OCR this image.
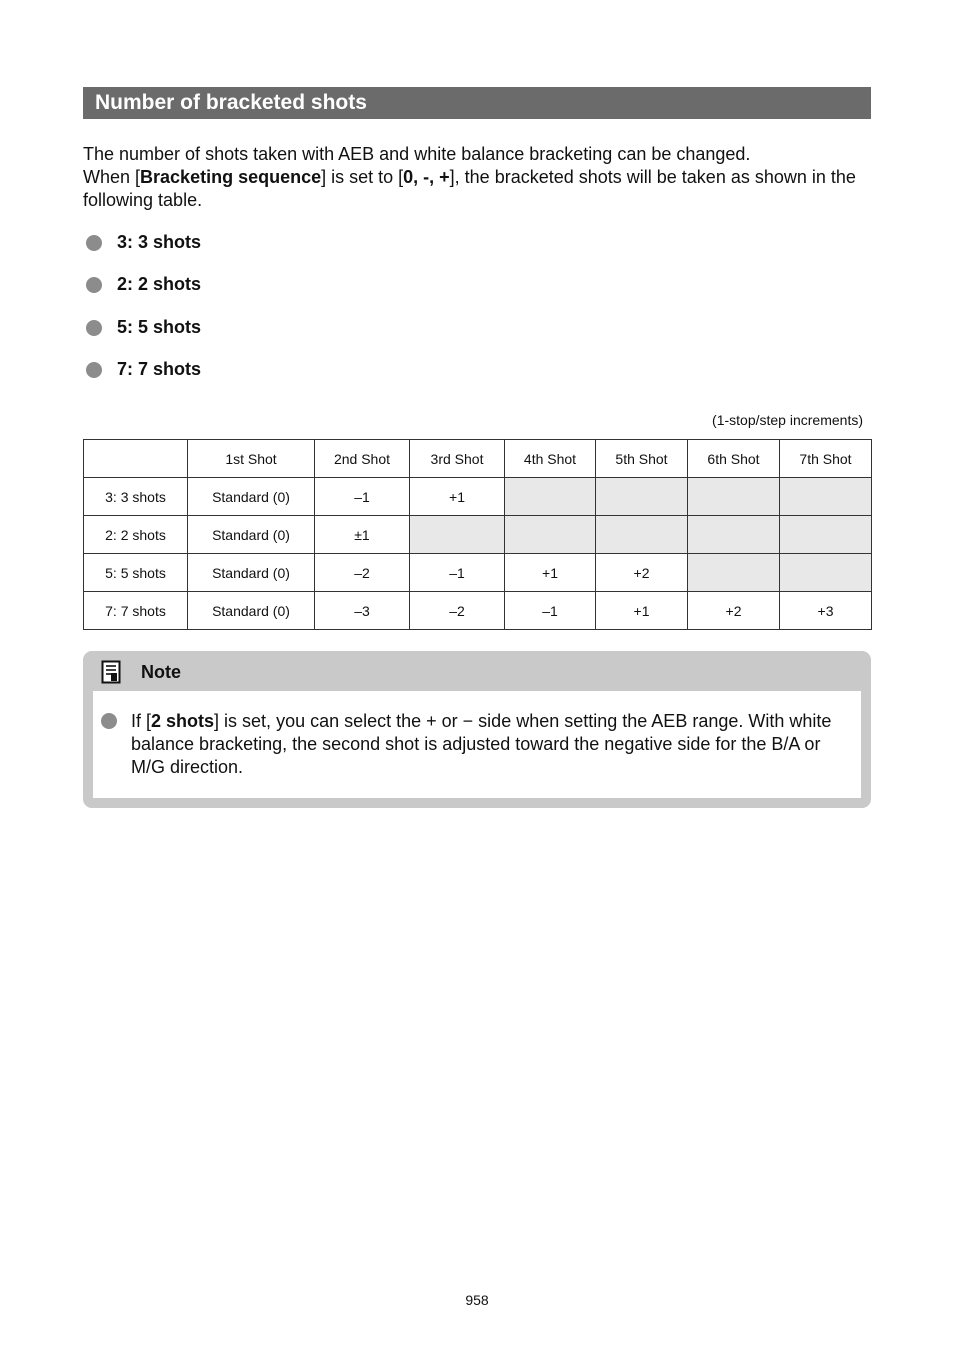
Number of bracketed shots

The number of shots taken with AEB and white balance bracketing can be changed.

When [Bracketing sequence] is set to [0, -, +], the bracketed shots will be taken as shown in the following table.

3: 3 shots
2: 2 shots
5: 5 shots
7: 7 shots
(1-stop/step increments)
	1st Shot	2nd Shot	3rd Shot	4th Shot	5th Shot	6th Shot	7th Shot
3: 3 shots	Standard (0)	–1	+1				
2: 2 shots	Standard (0)	±1					
5: 5 shots	Standard (0)	–2	–1	+1	+2		
7: 7 shots	Standard (0)	–3	–2	–1	+1	+2	+3
Note
If [2 shots] is set, you can select the + or − side when setting the AEB range. With white balance bracketing, the second shot is adjusted toward the negative side for the B/A or M/G direction.
958
